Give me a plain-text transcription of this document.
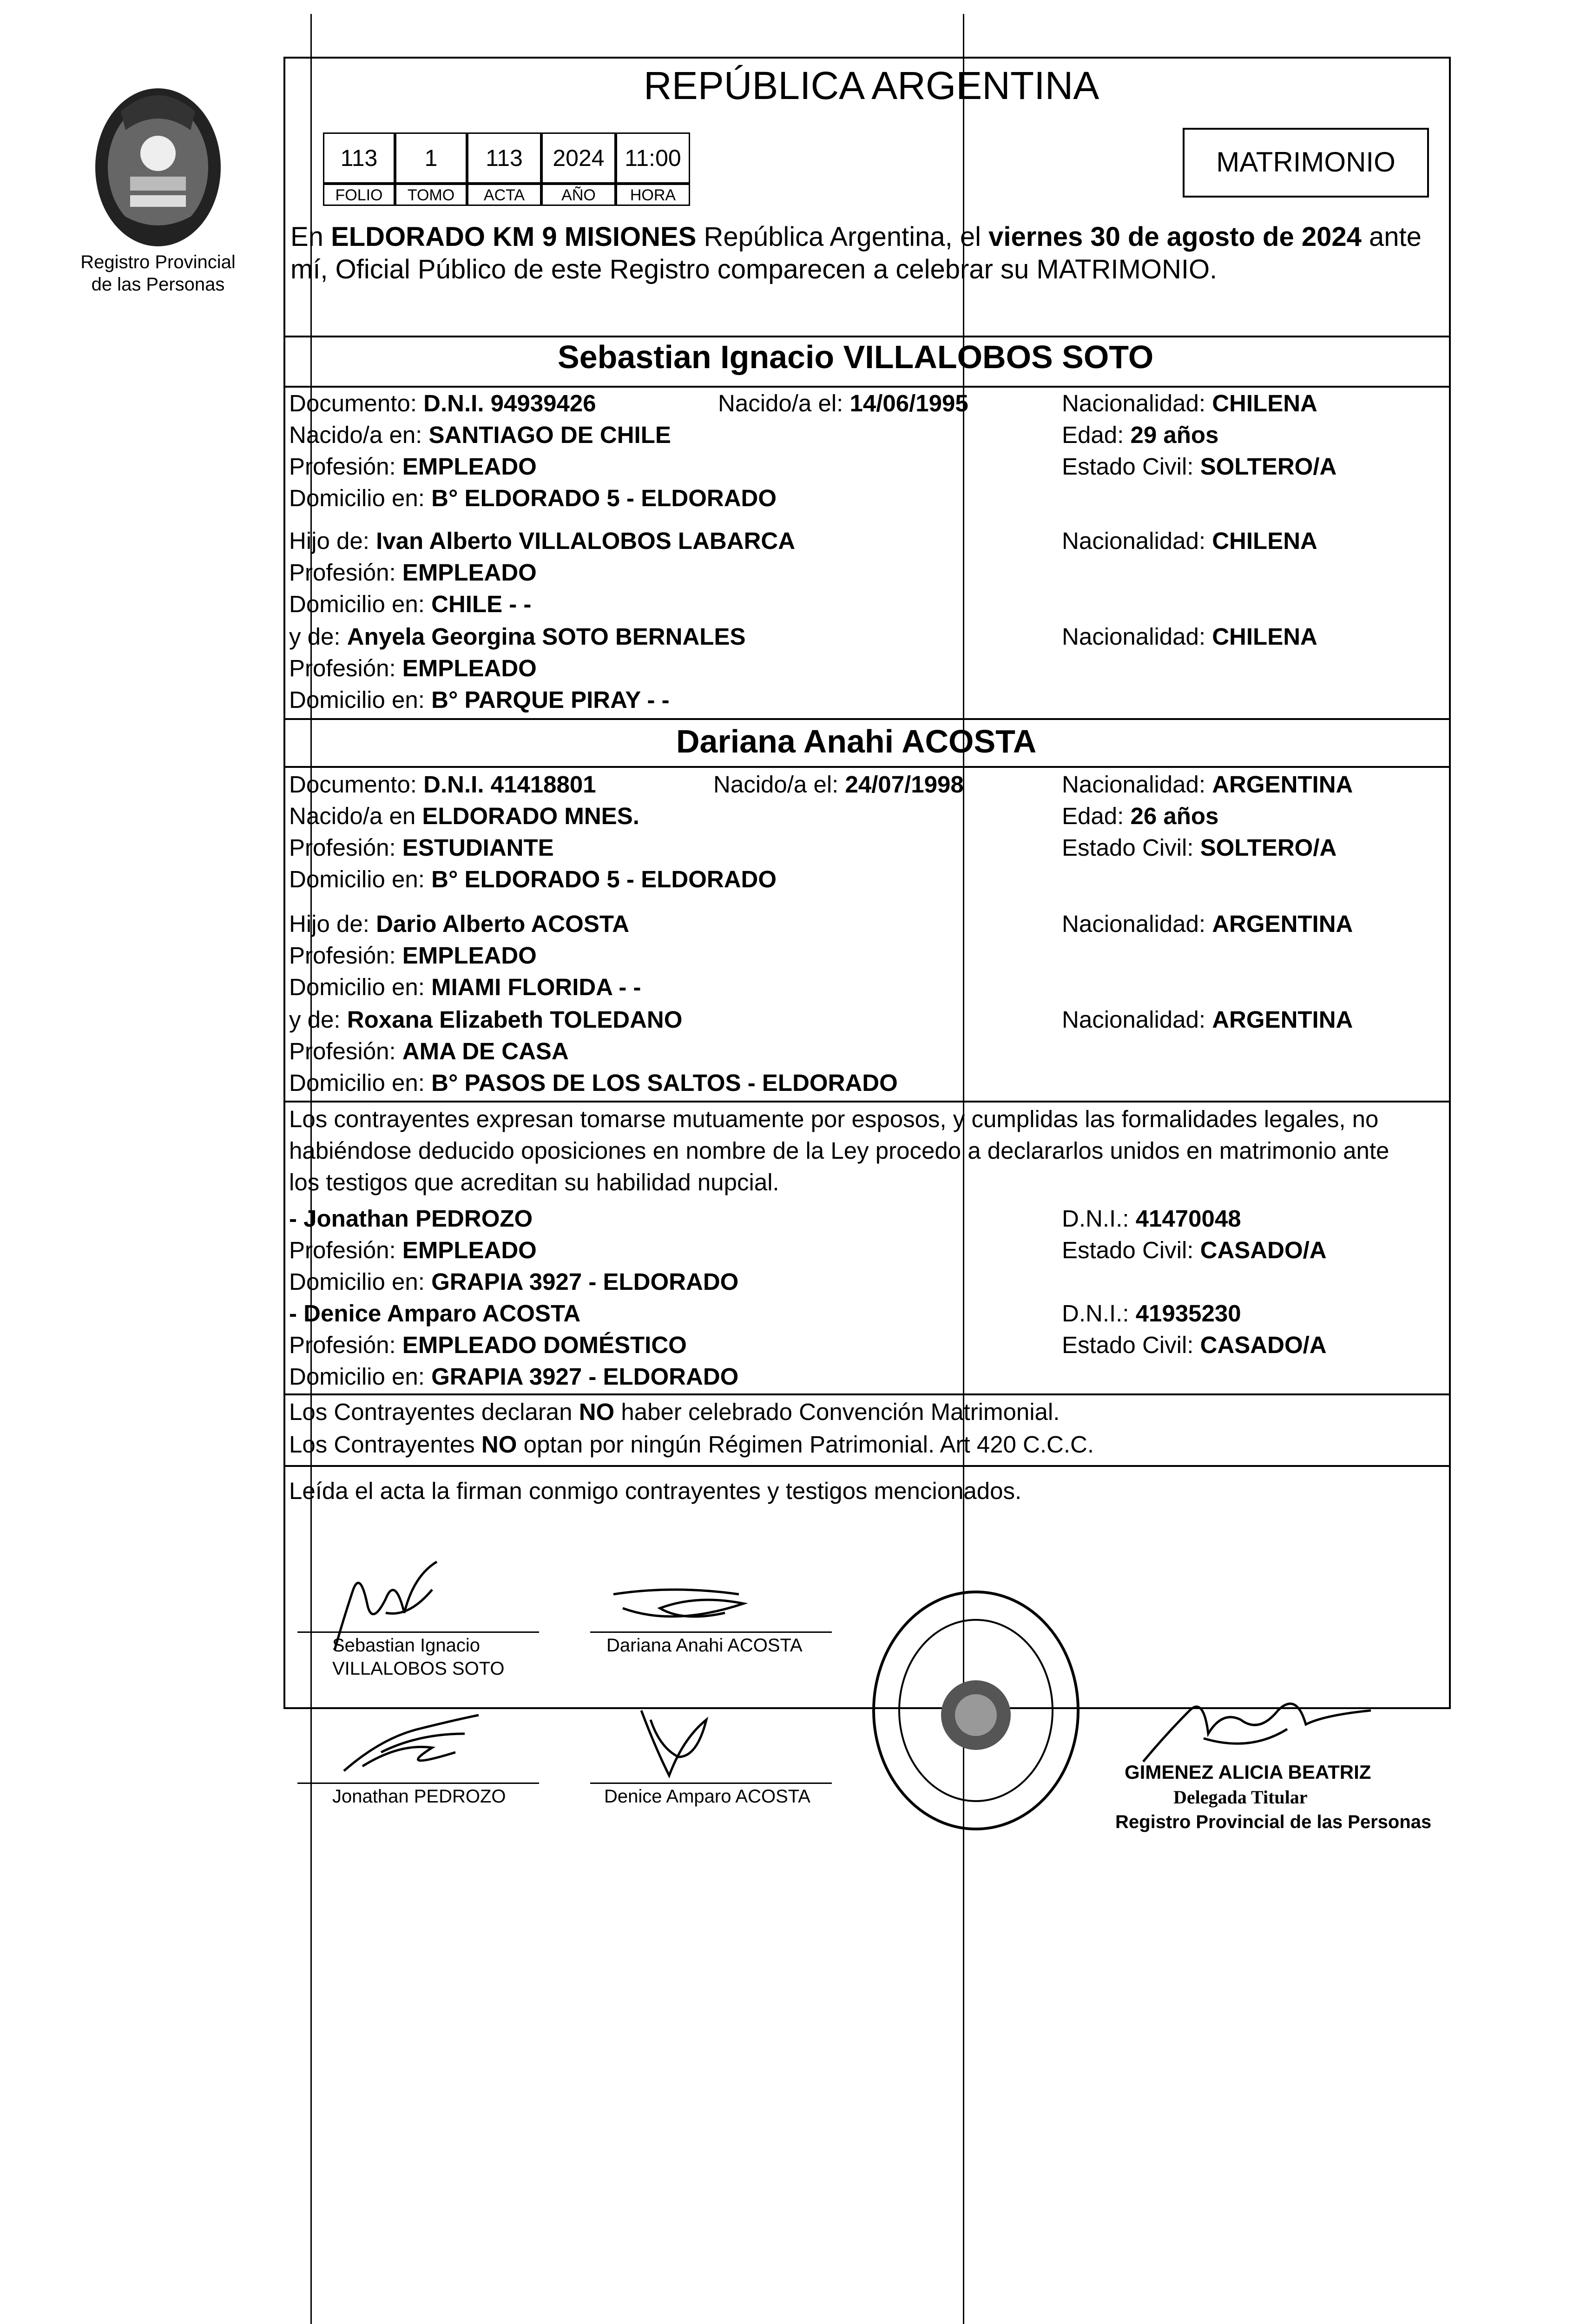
Registro Provincial
de las Personas
REPÚBLICA ARGENTINA
113	1	113	2024 11:00
FOLIO	TOMO	ACTA	AÑO	HORA
MATRIMONIO
En ELDORADO KM 9 MISIONES República Argentina, el viernes 30 de agosto de 2024 ante
mí, Oficial Público de este Registro comparecen a celebrar su MATRIMONIO.
Sebastian Ignacio VILLALOBOS SOTO
Documento: D.N.I. 94939426	Nacido/a el: 14/06/1995	Nacionalidad: CHILENA
Nacido/a en: SANTIAGO DE CHILE	Edad: 29 años
Profesión: EMPLEADO	Estado Civil: SOLTERO/A
Domicilio en: B° ELDORADO 5 - ELDORADO
Hijo de: Ivan Alberto VILLALOBOS LABARCA	Nacionalidad: CHILENA
Profesión: EMPLEADO
Domicilio en: CHILE - -
y de: Anyela Georgina SOTO BERNALES	Nacionalidad: CHILENA
Profesión: EMPLEADO
Domicilio en: B° PARQUE PIRAY - -
Dariana Anahi ACOSTA
Documento: D.N.I. 41418801	Nacido/a el: 24/07/1998	Nacionalidad: ARGENTINA
Nacido/a en ELDORADO MNES.	Edad: 26 años
Profesión: ESTUDIANTE	Estado Civil: SOLTERO/A
Domicilio en: B° ELDORADO 5 - ELDORADO
Hijo de: Dario Alberto ACOSTA	Nacionalidad: ARGENTINA
Profesión: EMPLEADO
Domicilio en: MIAMI FLORIDA - -
y de: Roxana Elizabeth TOLEDANO	Nacionalidad: ARGENTINA
Profesión: AMA DE CASA
Domicilio en: B° PASOS DE LOS SALTOS - ELDORADO
Los contrayentes expresan tomarse mutuamente por esposos, y cumplidas las formalidades legales, no
habiéndose deducido oposiciones en nombre de la Ley procedo a declararlos unidos en matrimonio ante
los testigos que acreditan su habilidad nupcial.
- Jonathan PEDROZO	D.N.I.: 41470048
Profesión: EMPLEADO	Estado Civil: CASADO/A
Domicilio en: GRAPIA 3927 - ELDORADO
- Denice Amparo ACOSTA	D.N.I.: 41935230
Profesión: EMPLEADO DOMÉSTICO	Estado Civil: CASADO/A
Domicilio en: GRAPIA 3927 - ELDORADO
Los Contrayentes declaran NO haber celebrado Convención Matrimonial.
Los Contrayentes NO optan por ningún Régimen Patrimonial. Art 420 C.C.C.
Leída el acta la firman conmigo contrayentes y testigos mencionados.
Sebastian Ignacio
VILLALOBOS SOTO
Dariana Anahi ACOSTA
Jonathan PEDROZO	Denice Amparo ACOSTA
GIMENEZ ALICIA BEATRIZ
Delegada Titular
Registro Provincial de las Personas
